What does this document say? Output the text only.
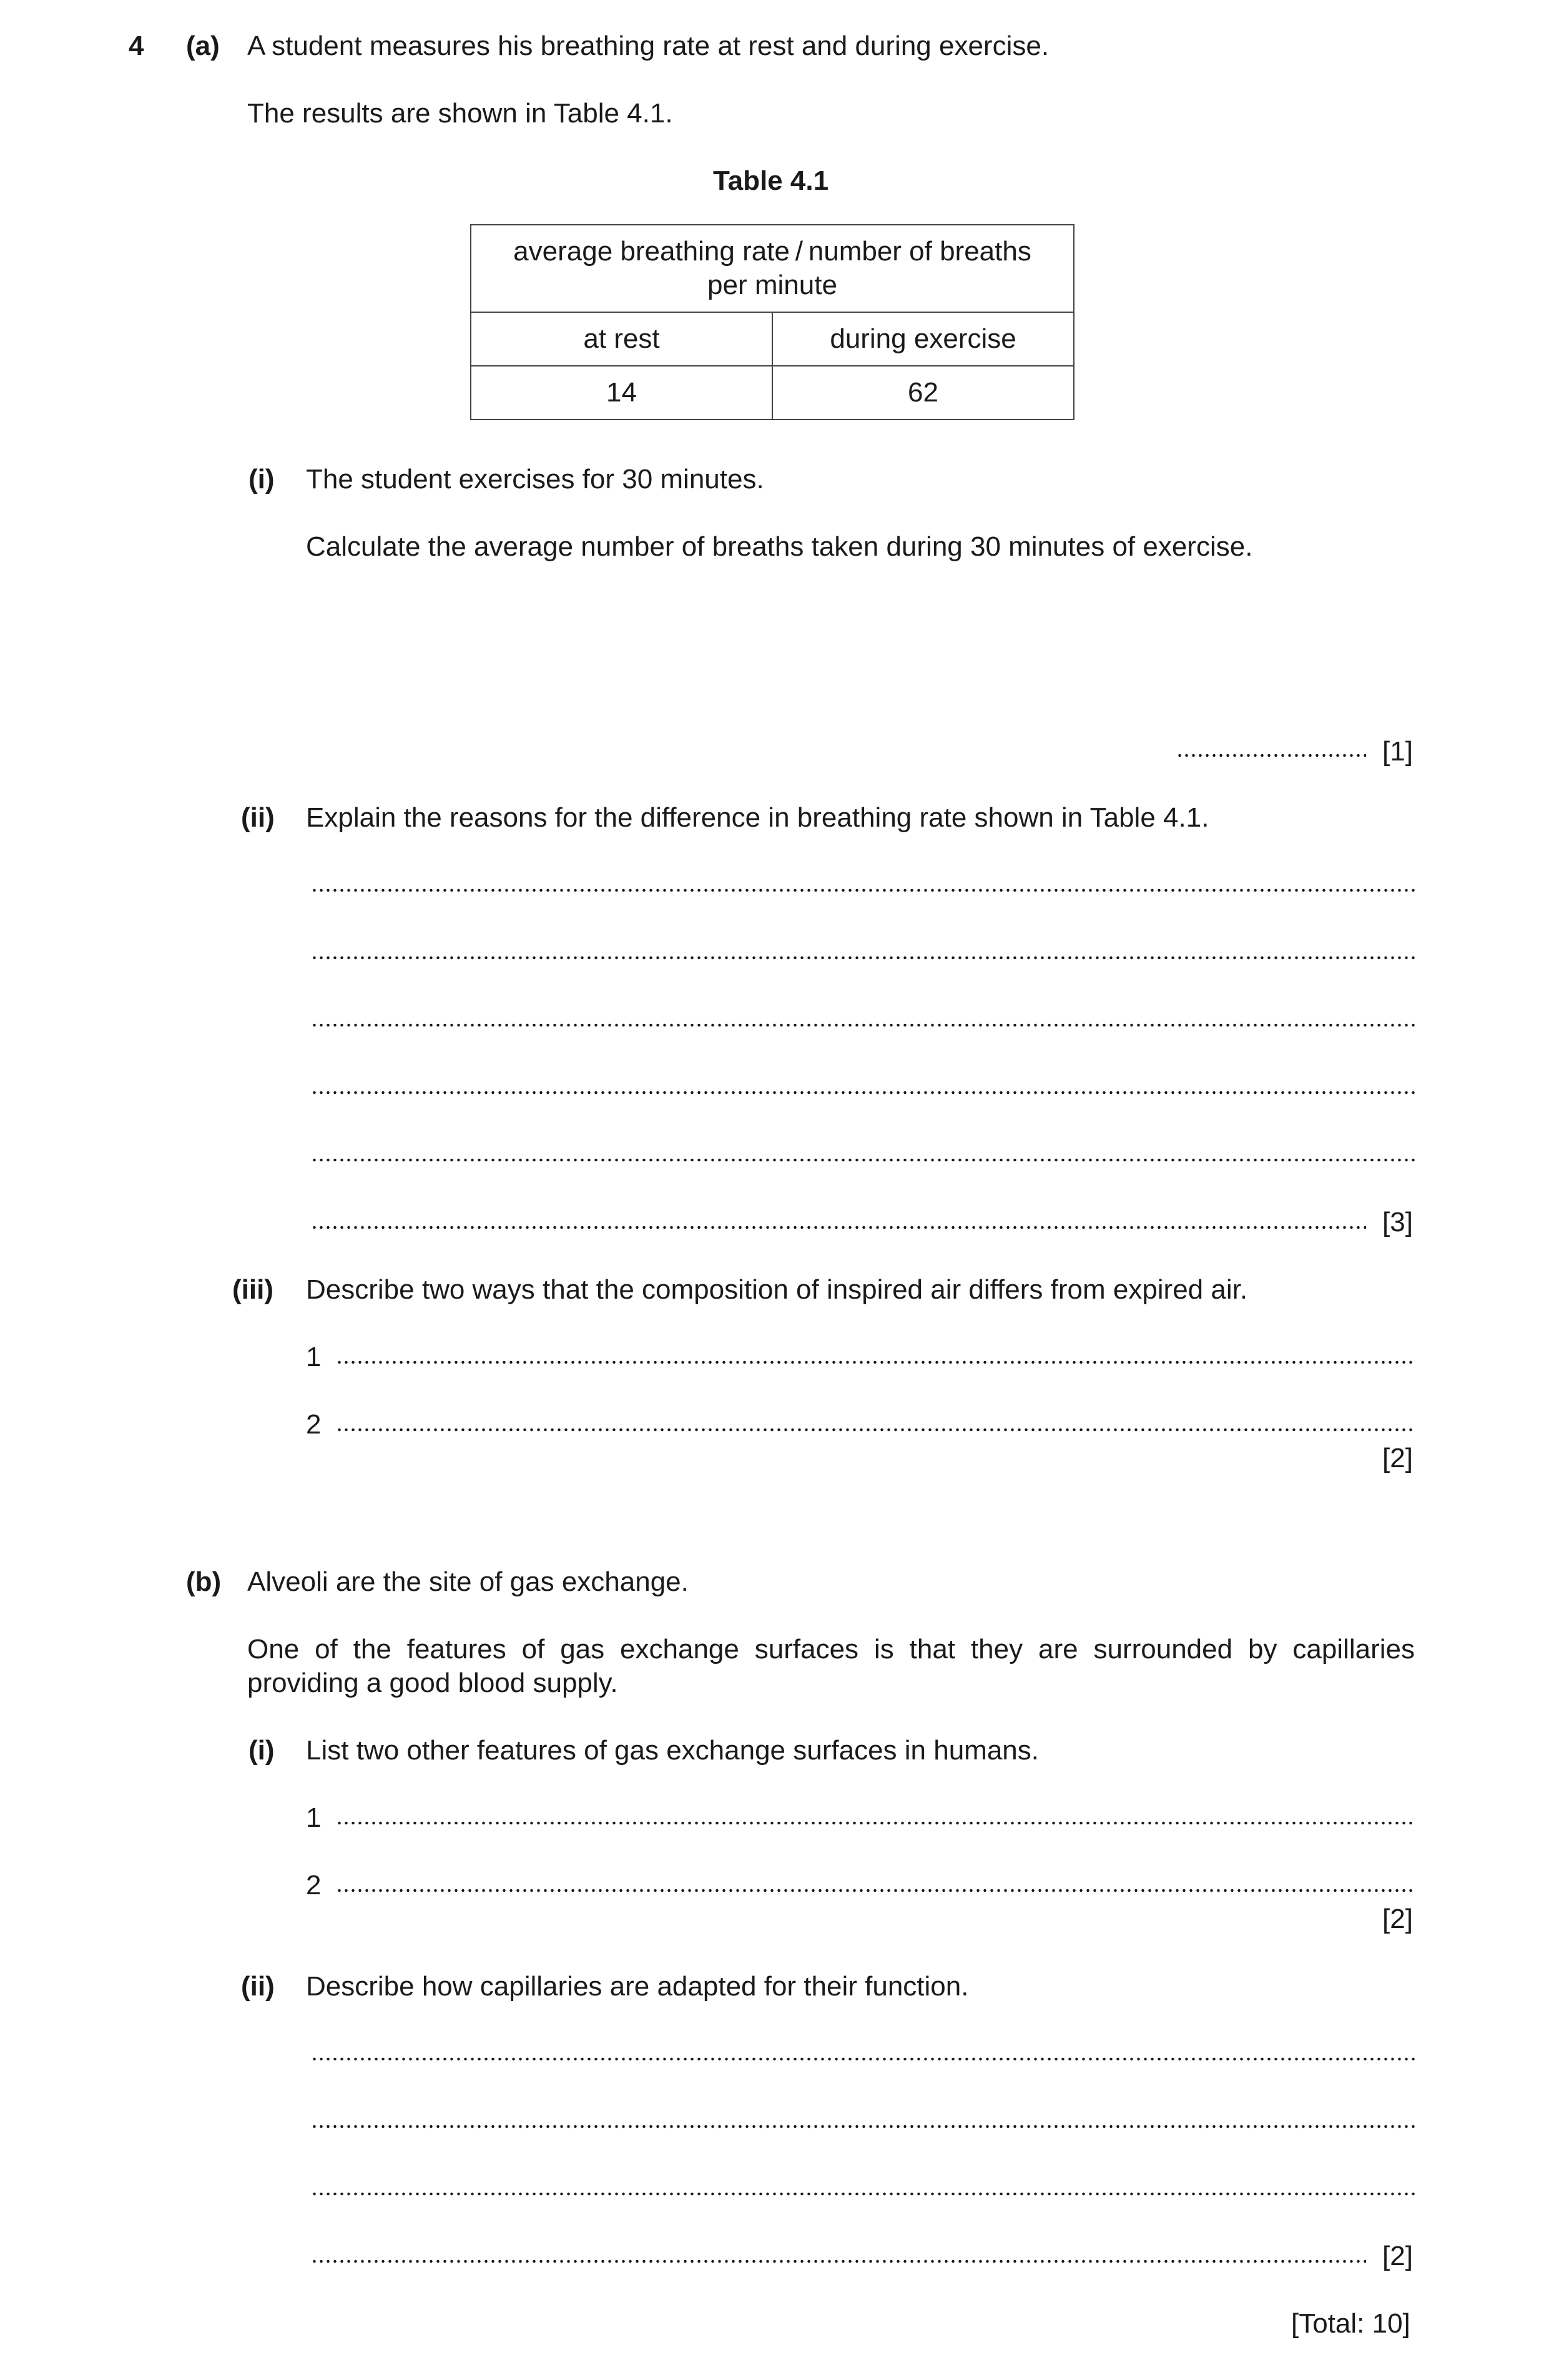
4 (a) A student measures his breathing rate at rest and during exercise.
The results are shown in Table 4.1.
Table 4.1
average breathing rate / number of breaths
per minute	

at rest	during exercise
14	62
(i) The student exercises for 30 minutes.
Calculate the average number of breaths taken during 30 minutes of exercise.
[1]
(ii) Explain the reasons for the difference in breathing rate shown in Table 4.1.
[3]
(iii) Describe two ways that the composition of inspired air differs from expired air.
1
2
[2]
(b) Alveoli are the site of gas exchange.
One of the features of gas exchange surfaces is that they are surrounded by capillaries
providing a good blood supply.
(i) List two other features of gas exchange surfaces in humans.
1
2
[2]
(ii) Describe how capillaries are adapted for their function.
[2]
[Total: 10]
